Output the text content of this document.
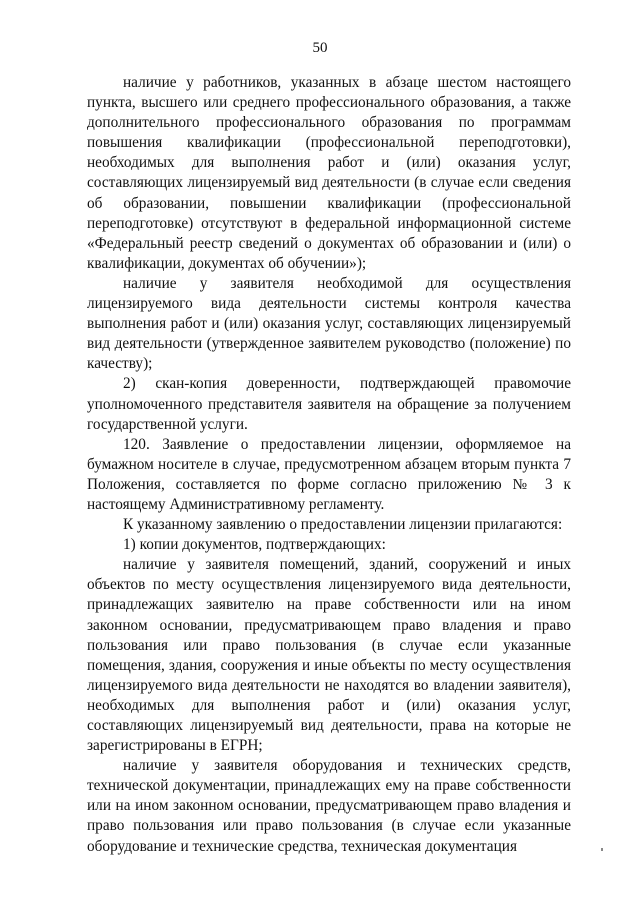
50

наличие у работников, указанных в абзаце шестом настоящего пункта, высшего или среднего профессионального образования, а также дополнительного профессионального образования по программам повышения квалификации (профессиональной переподготовки), необходимых для выполнения работ и (или) оказания услуг, составляющих лицензируемый вид деятельности (в случае если сведения об образовании, повышении квалификации (профессиональной переподготовке) отсутствуют в федеральной информационной системе «Федеральный реестр сведений о документах об образовании и (или) о квалификации, документах об обучении»);

наличие у заявителя необходимой для осуществления лицензируемого вида деятельности системы контроля качества выполнения работ и (или) оказания услуг, составляющих лицензируемый вид деятельности (утвержденное заявителем руководство (положение) по качеству);

2) скан-копия доверенности, подтверждающей правомочие уполномоченного представителя заявителя на обращение за получением государственной услуги.

120. Заявление о предоставлении лицензии, оформляемое на бумажном носителе в случае, предусмотренном абзацем вторым пункта 7 Положения, составляется по форме согласно приложению № 3 к настоящему Административному регламенту.

К указанному заявлению о предоставлении лицензии прилагаются:

1) копии документов, подтверждающих:

наличие у заявителя помещений, зданий, сооружений и иных объектов по месту осуществления лицензируемого вида деятельности, принадлежащих заявителю на праве собственности или на ином законном основании, предусматривающем право владения и право пользования или право пользования (в случае если указанные помещения, здания, сооружения и иные объекты по месту осуществления лицензируемого вида деятельности не находятся во владении заявителя), необходимых для выполнения работ и (или) оказания услуг, составляющих лицензируемый вид деятельности, права на которые не зарегистрированы в ЕГРН;

наличие у заявителя оборудования и технических средств, технической документации, принадлежащих ему на праве собственности или на ином законном основании, предусматривающем право владения и право пользования или право пользования (в случае если указанные оборудование и технические средства, техническая документация
